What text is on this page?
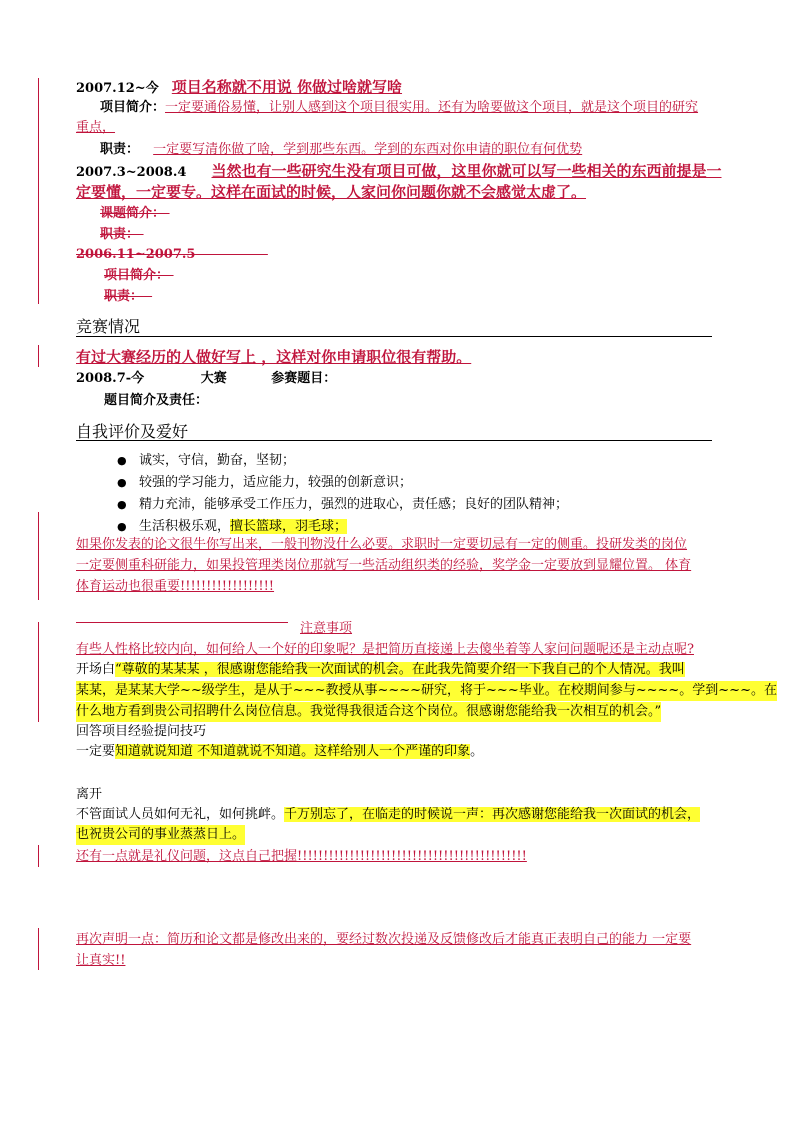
2007.12~今 项目名称就不用说 你做过啥就写啥
项目简介：一定要通俗易懂，让别人感到这个项目很实用。还有为啥要做这个项目，就是这个项目的研究
重点，
职责： 一定要写清你做了啥，学到那些东西。学到的东西对你申请的职位有何优势
2007.3~2008.4 当然也有一些研究生没有项目可做，这里你就可以写一些相关的东西前提是一
定要懂，一定要专。这样在面试的时候，人家问你问题你就不会感觉太虚了。
课题简介：
职责：
2006.11~2007.5
项目简介：
职责：
竞赛情况
有过大赛经历的人做好写上 ，这样对你申请职位很有帮助。
2008.7-今	大赛	参赛题目：
题目简介及责任：
自我评价及爱好
● 诚实，守信，勤奋，坚韧；
● 较强的学习能力，适应能力，较强的创新意识；
● 精力充沛，能够承受工作压力，强烈的进取心，责任感；良好的团队精神；
● 生活积极乐观，擅长篮球，羽毛球；
如果你发表的论文很牛你写出来，一般刊物没什么必要。求职时一定要切忌有一定的侧重。投研发类的岗位
一定要侧重科研能力，如果投管理类岗位那就写一些活动组织类的经验，奖学金一定要放到显耀位置。 体育
体育运动也很重要!!!!!!!!!!!!!!!!!!
注意事项
有些人性格比较内向，如何给人一个好的印象呢？是把简历直接递上去傻坐着等人家问问题呢还是主动点呢?
开场白“尊敬的某某某 ，很感谢您能给我一次面试的机会。在此我先简要介绍一下我自己的个人情况。我叫
某某，是某某大学~~级学生，是从于~~~教授从事~~~~研究，将于~~~毕业。在校期间参与~~~~。学到~~~。在
什么地方看到贵公司招聘什么岗位信息。我觉得我很适合这个岗位。很感谢您能给我一次相互的机会。”
回答项目经验提问技巧
一定要知道就说知道 不知道就说不知道。这样给别人一个严谨的印象。
离开
不管面试人员如何无礼，如何挑衅。千万别忘了，在临走的时候说一声：再次感谢您能给我一次面试的机会，
也祝贵公司的事业蒸蒸日上。
还有一点就是礼仪问题，这点自己把握!!!!!!!!!!!!!!!!!!!!!!!!!!!!!!!!!!!!!!!!!!!!
再次声明一点：简历和论文都是修改出来的，要经过数次投递及反馈修改后才能真正表明自己的能力 一定要
让真实!!
